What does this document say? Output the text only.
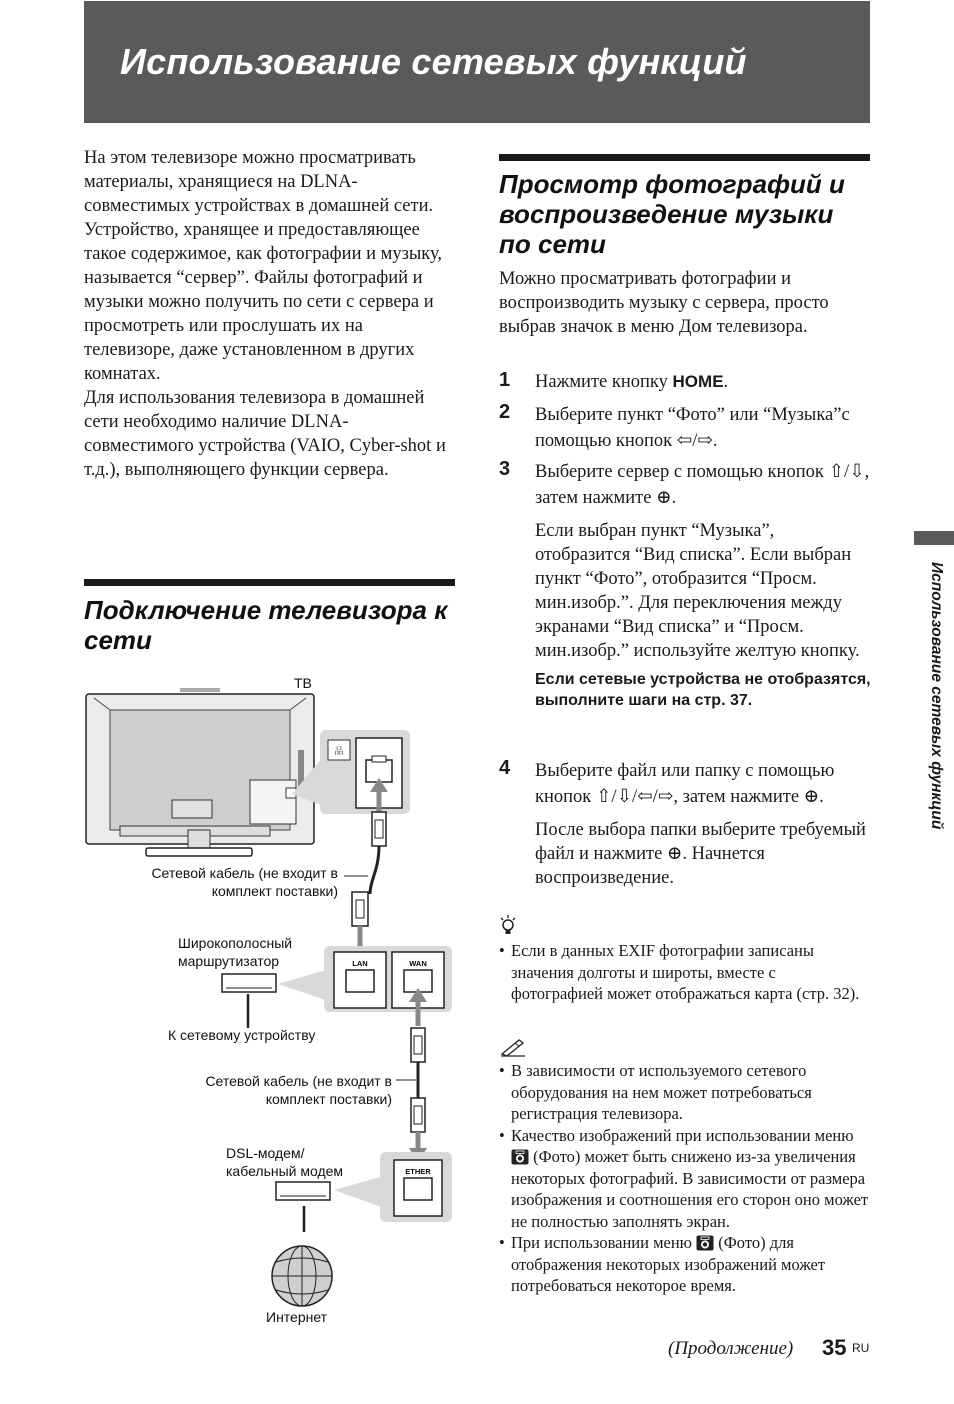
Использование сетевых функций

На этом телевизоре можно просматривать материалы, хранящиеся на DLNA-совместимых устройствах в домашней сети.

Устройство, хранящее и предоставляющее такое содержимое, как фотографии и музыку, называется “сервер”. Файлы фотографий и музыки можно получить по сети с сервера и просмотреть или прослушать их на телевизоре, даже установленном в других комнатах.

Для использования телевизора в домашней сети необходимо наличие DLNA-совместимого устройства (VAIO, Cyber-shot и т.д.), выполняющего функции сервера.

Подключение телевизора к сети
品
LAN	WAN
ETHER
ТВ
Сетевой кабель (не входит в комплект поставки)
Широкополосный маршрутизатор
К сетевому устройству
Сетевой кабель (не входит в комплект поставки)
DSL-модем/ кабельный модем
Интернет
Просмотр фотографий и воспроизведение музыки по сети
Можно просматривать фотографии и воспроизводить музыку с сервера, просто выбрав значок в меню Дом телевизора.
1 Нажмите кнопку HOME.
2 Выберите пункт “Фото” или “Музыка”с помощью кнопок ⇦/⇨.
3 Выберите сервер с помощью кнопок ⇧/⇩, затем нажмите ⊕.
Если выбран пункт “Музыка”, отобразится “Вид списка”. Если выбран пункт “Фото”, отобразится “Просм. мин.изобр.”. Для переключения между экранами “Вид списка” и “Просм. мин.изобр.” используйте желтую кнопку.
Если сетевые устройства не отобразятся, выполните шаги на стр. 37.
4 Выберите файл или папку с помощью кнопок ⇧/⇩/⇦/⇨, затем нажмите ⊕.
После выбора папки выберите требуемый файл и нажмите ⊕. Начнется воспроизведение.
• Если в данных EXIF фотографии записаны значения долготы и широты, вместе с фотографией может отображаться карта (стр. 32).
• В зависимости от используемого сетевого оборудования на нем может потребоваться регистрация телевизора.
• Качество изображений при использовании меню  (Фото) может быть снижено из-за увеличения некоторых фотографий. В зависимости от размера изображения и соотношения его сторон оно может не полностью заполнять экран.
• При использовании меню  (Фото) для отображения некоторых изображений может потребоваться некоторое время.
Использование сетевых функций
(Продолжение) 35 RU
